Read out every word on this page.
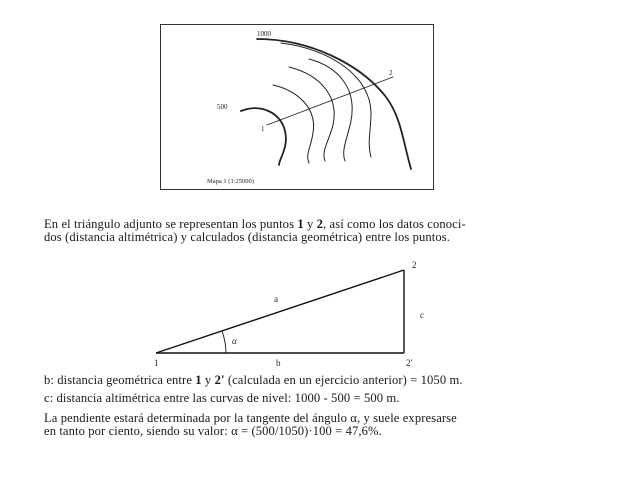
1000
500
1
2
Mapa 1 (1:25000)
En el triángulo adjunto se representan los puntos 1 y 2, así como los datos conoci-
dos (distancia altimétrica) y calculados (distancia geométrica) entre los puntos.
2
1	2'
a
b
c
α
b: distancia geométrica entre 1 y 2' (calculada en un ejercicio anterior) = 1050 m.
c: distancia altimétrica entre las curvas de nivel: 1000 - 500 = 500 m.
La pendiente estará determinada por la tangente del ángulo α, y suele expresarse
en tanto por ciento, siendo su valor: α = (500/1050)·100 = 47,6%.
